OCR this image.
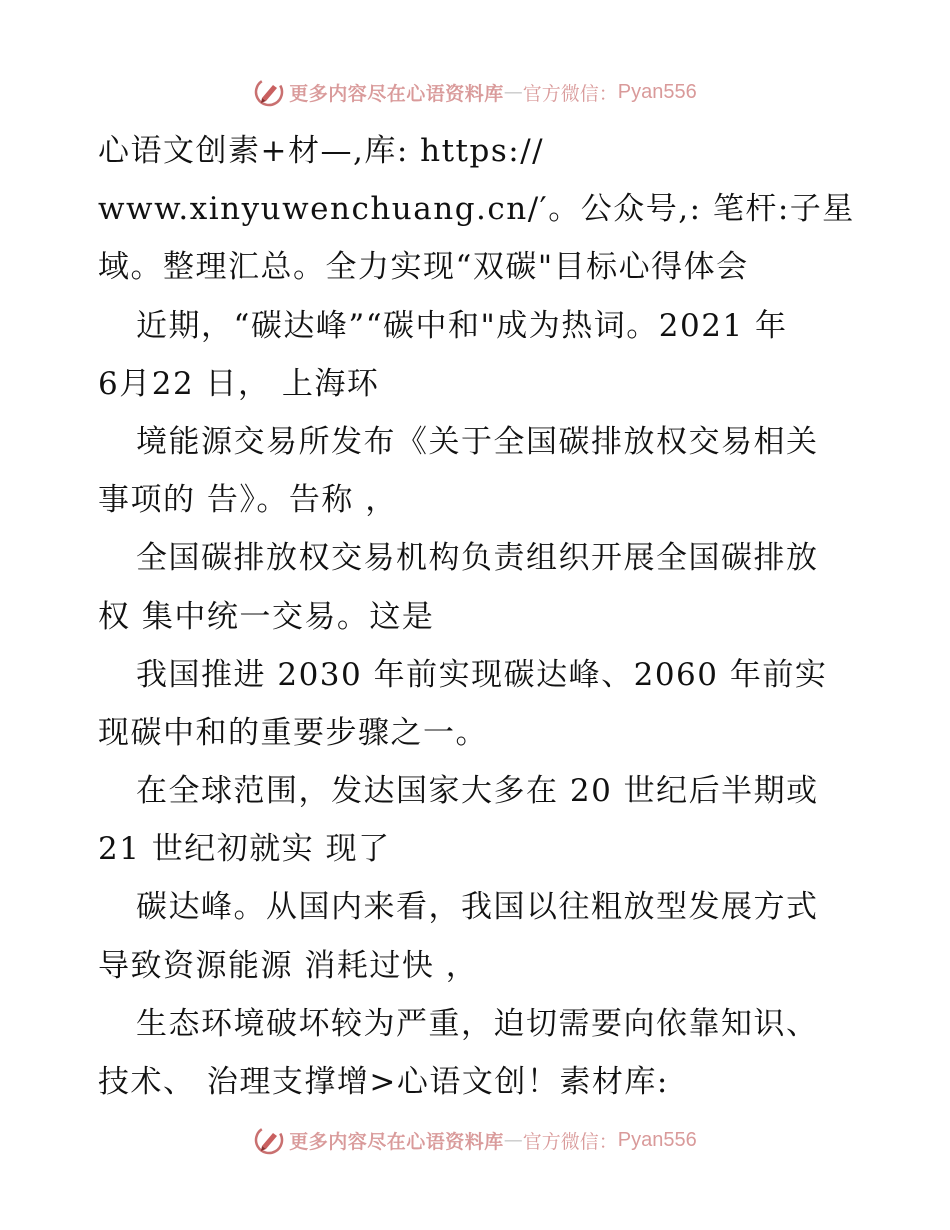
更多内容尽在心语资料库 — 官方微信： Pyan556
心语文创素+材—,库: https://
www.xinyuwenchuang.cn/′。公众号,: 笔杆:子星
域。整理汇总。全力实现“双碳"目标心得体会
近期，“碳达峰”“碳中和"成为热词。2021 年
6月22 日， 上海环
境能源交易所发布《关于全国碳排放权交易相关
事项的 告》。告称 ，
全国碳排放权交易机构负责组织开展全国碳排放
权 集中统一交易。这是
我国推进 2030 年前实现碳达峰、2060 年前实
现碳中和的重要步骤之一。
在全球范围，发达国家大多在 20 世纪后半期或
21 世纪初就实 现了
碳达峰。从国内来看，我国以往粗放型发展方式
导致资源能源 消耗过快 ，
生态环境破坏较为严重，迫切需要向依靠知识、
技术、 治理支撑增>心语文创！素材库:
更多内容尽在心语资料库 — 官方微信： Pyan556
